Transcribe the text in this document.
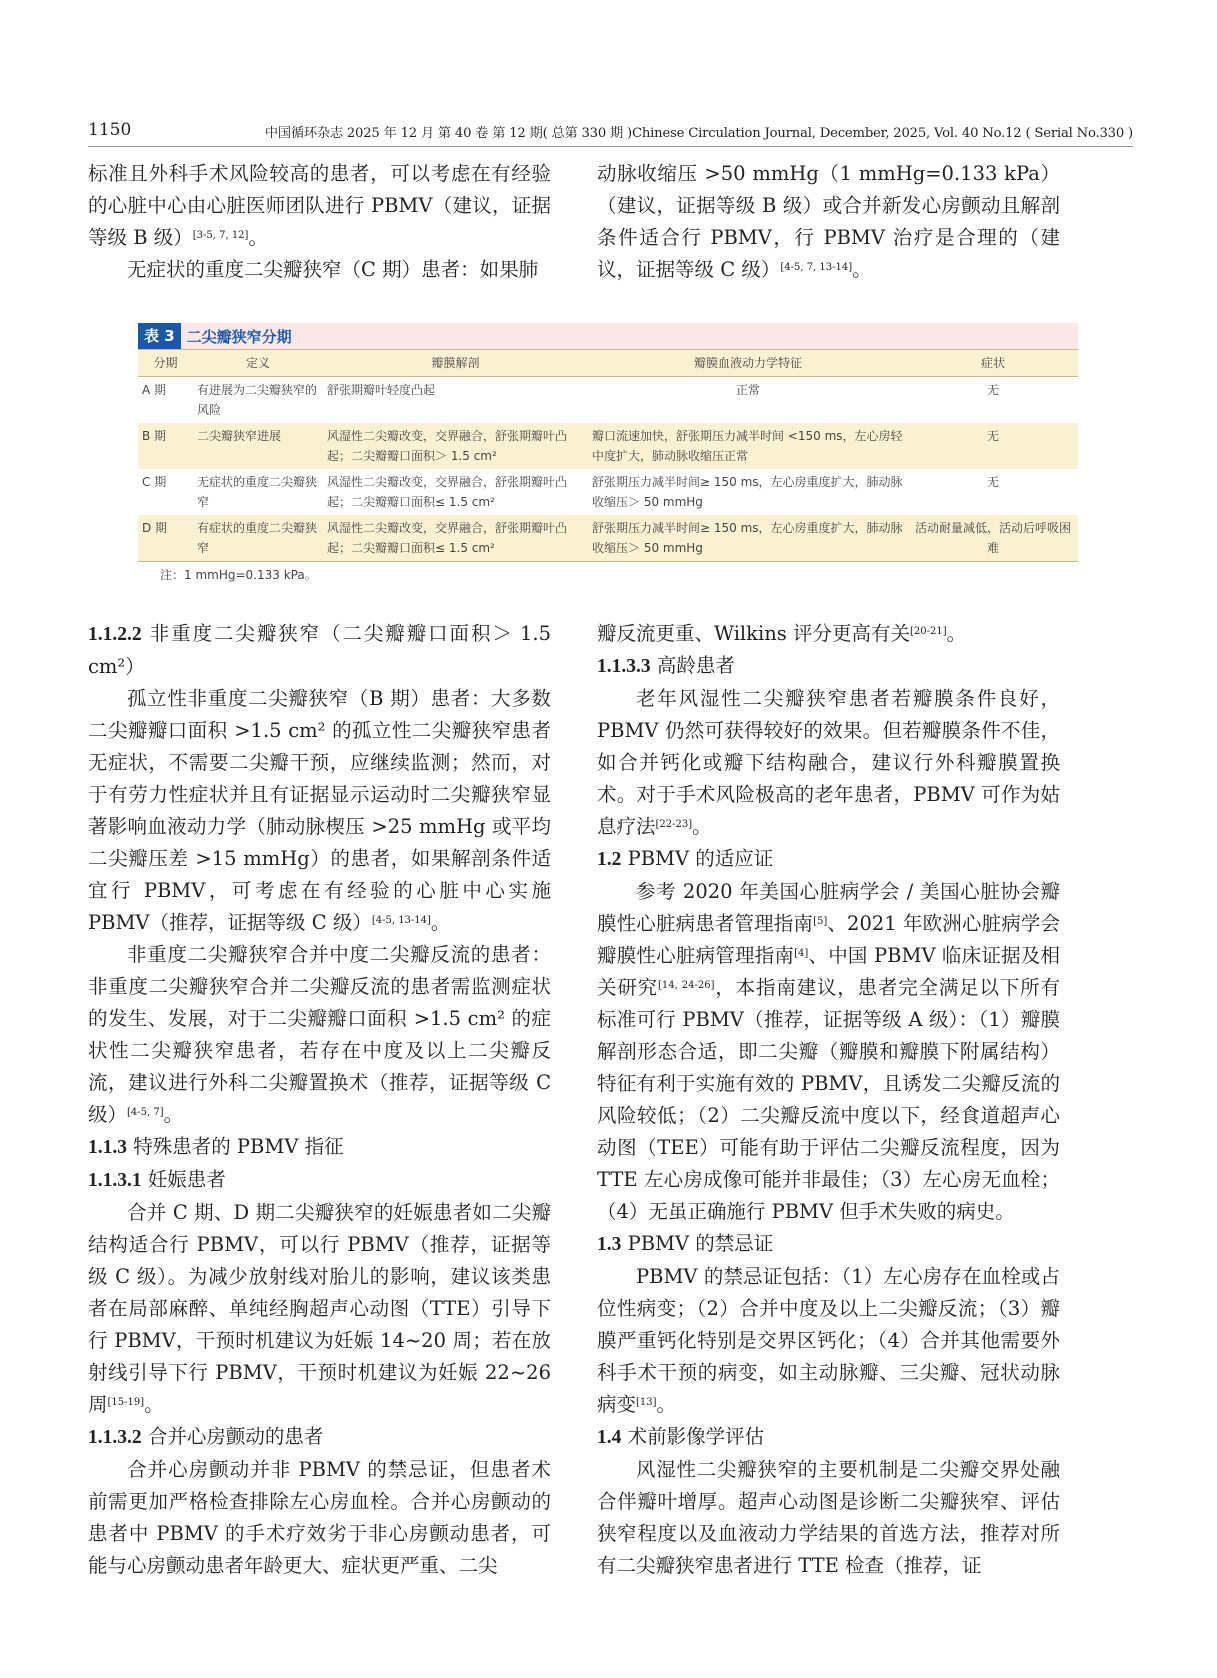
1150	中国循环杂志 2025 年 12 月 第 40 卷 第 12 期( 总第 330 期 )Chinese Circulation Journal, December, 2025, Vol. 40 No.12 ( Serial No.330 )

标准且外科手术风险较高的患者，可以考虑在有经验的心脏中心由心脏医师团队进行 PBMV（建议，证据等级 B 级）[3-5, 7, 12]。

无症状的重度二尖瓣狭窄（C 期）患者：如果肺

动脉收缩压 >50 mmHg（1 mmHg=0.133 kPa）（建议，证据等级 B 级）或合并新发心房颤动且解剖条件适合行 PBMV，行 PBMV 治疗是合理的（建议，证据等级 C 级）[4-5, 7, 13-14]。

表 3 二尖瓣狭窄分期
分期	定义	瓣膜解剖	瓣膜血液动力学特征	症状
A 期	有进展为二尖瓣狭窄的风险	舒张期瓣叶轻度凸起	正常	无
B 期	二尖瓣狭窄进展	风湿性二尖瓣改变，交界融合，舒张期瓣叶凸起；二尖瓣瓣口面积＞ 1.5 cm²	瓣口流速加快，舒张期压力减半时间 <150 ms，左心房轻中度扩大，肺动脉收缩压正常	无
C 期	无症状的重度二尖瓣狭窄	风湿性二尖瓣改变，交界融合，舒张期瓣叶凸起；二尖瓣瓣口面积≤ 1.5 cm²	舒张期压力减半时间≥ 150 ms，左心房重度扩大，肺动脉收缩压＞ 50 mmHg	无
D 期	有症状的重度二尖瓣狭窄	风湿性二尖瓣改变，交界融合，舒张期瓣叶凸起；二尖瓣瓣口面积≤ 1.5 cm²	舒张期压力减半时间≥ 150 ms，左心房重度扩大，肺动脉收缩压＞ 50 mmHg	活动耐量减低，活动后呼吸困难
注：1 mmHg=0.133 kPa。

1.1.2.2 非重度二尖瓣狭窄（二尖瓣瓣口面积＞ 1.5 cm²）

孤立性非重度二尖瓣狭窄（B 期）患者：大多数二尖瓣瓣口面积 >1.5 cm² 的孤立性二尖瓣狭窄患者无症状，不需要二尖瓣干预，应继续监测；然而，对于有劳力性症状并且有证据显示运动时二尖瓣狭窄显著影响血液动力学（肺动脉楔压 >25 mmHg 或平均二尖瓣压差 >15 mmHg）的患者，如果解剖条件适宜行 PBMV，可考虑在有经验的心脏中心实施 PBMV（推荐，证据等级 C 级）[4-5, 13-14]。

非重度二尖瓣狭窄合并中度二尖瓣反流的患者：非重度二尖瓣狭窄合并二尖瓣反流的患者需监测症状的发生、发展，对于二尖瓣瓣口面积 >1.5 cm² 的症状性二尖瓣狭窄患者，若存在中度及以上二尖瓣反流，建议进行外科二尖瓣置换术（推荐，证据等级 C 级）[4-5, 7]。

1.1.3 特殊患者的 PBMV 指征

1.1.3.1 妊娠患者

合并 C 期、D 期二尖瓣狭窄的妊娠患者如二尖瓣结构适合行 PBMV，可以行 PBMV（推荐，证据等级 C 级）。为减少放射线对胎儿的影响，建议该类患者在局部麻醉、单纯经胸超声心动图（TTE）引导下行 PBMV，干预时机建议为妊娠 14~20 周；若在放射线引导下行 PBMV，干预时机建议为妊娠 22~26 周[15-19]。

1.1.3.2 合并心房颤动的患者

合并心房颤动并非 PBMV 的禁忌证，但患者术前需更加严格检查排除左心房血栓。合并心房颤动的患者中 PBMV 的手术疗效劣于非心房颤动患者，可能与心房颤动患者年龄更大、症状更严重、二尖

瓣反流更重、Wilkins 评分更高有关[20-21]。

1.1.3.3 高龄患者

老年风湿性二尖瓣狭窄患者若瓣膜条件良好，PBMV 仍然可获得较好的效果。但若瓣膜条件不佳，如合并钙化或瓣下结构融合，建议行外科瓣膜置换术。对于手术风险极高的老年患者，PBMV 可作为姑息疗法[22-23]。

1.2 PBMV 的适应证

参考 2020 年美国心脏病学会 / 美国心脏协会瓣膜性心脏病患者管理指南[5]、2021 年欧洲心脏病学会瓣膜性心脏病管理指南[4]、中国 PBMV 临床证据及相关研究[14, 24-26]，本指南建议，患者完全满足以下所有标准可行 PBMV（推荐，证据等级 A 级）：（1）瓣膜解剖形态合适，即二尖瓣（瓣膜和瓣膜下附属结构）特征有利于实施有效的 PBMV，且诱发二尖瓣反流的风险较低；（2）二尖瓣反流中度以下，经食道超声心动图（TEE）可能有助于评估二尖瓣反流程度，因为 TTE 左心房成像可能并非最佳；（3）左心房无血栓；（4）无虽正确施行 PBMV 但手术失败的病史。

1.3 PBMV 的禁忌证

PBMV 的禁忌证包括：（1）左心房存在血栓或占位性病变；（2）合并中度及以上二尖瓣反流；（3）瓣膜严重钙化特别是交界区钙化；（4）合并其他需要外科手术干预的病变，如主动脉瓣、三尖瓣、冠状动脉病变[13]。

1.4 术前影像学评估

风湿性二尖瓣狭窄的主要机制是二尖瓣交界处融合伴瓣叶增厚。超声心动图是诊断二尖瓣狭窄、评估狭窄程度以及血液动力学结果的首选方法，推荐对所有二尖瓣狭窄患者进行 TTE 检查（推荐，证
